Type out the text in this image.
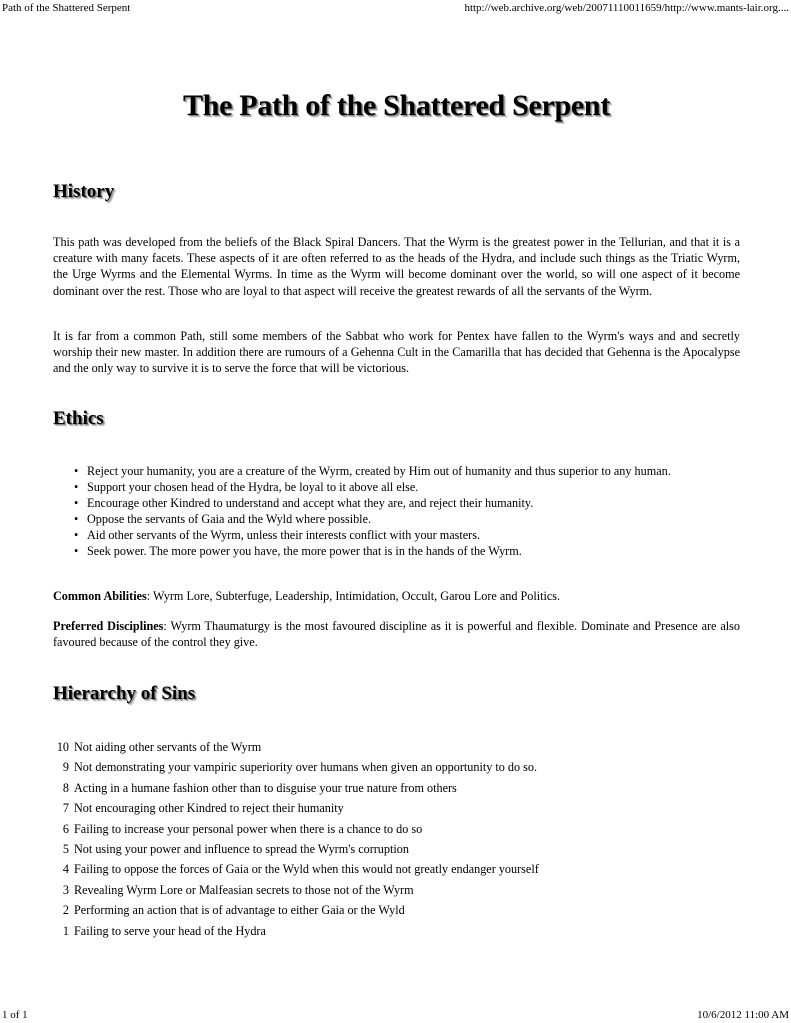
Path of the Shattered Serpent	http://web.archive.org/web/20071110011659/http://www.mants-lair.org....
The Path of the Shattered Serpent
History

This path was developed from the beliefs of the Black Spiral Dancers. That the Wyrm is the greatest power in the Tellurian, and that it is a creature with many facets. These aspects of it are often referred to as the heads of the Hydra, and include such things as the Triatic Wyrm, the Urge Wyrms and the Elemental Wyrms. In time as the Wyrm will become dominant over the world, so will one aspect of it become dominant over the rest. Those who are loyal to that aspect will receive the greatest rewards of all the servants of the Wyrm.

It is far from a common Path, still some members of the Sabbat who work for Pentex have fallen to the Wyrm's ways and and secretly worship their new master. In addition there are rumours of a Gehenna Cult in the Camarilla that has decided that Gehenna is the Apocalypse and the only way to survive it is to serve the force that will be victorious.

Ethics
• Reject your humanity, you are a creature of the Wyrm, created by Him out of humanity and thus superior to any human.
• Support your chosen head of the Hydra, be loyal to it above all else.
• Encourage other Kindred to understand and accept what they are, and reject their humanity.
• Oppose the servants of Gaia and the Wyld where possible.
• Aid other servants of the Wyrm, unless their interests conflict with your masters.
• Seek power. The more power you have, the more power that is in the hands of the Wyrm.

Common Abilities: Wyrm Lore, Subterfuge, Leadership, Intimidation, Occult, Garou Lore and Politics.

Preferred Disciplines: Wyrm Thaumaturgy is the most favoured discipline as it is powerful and flexible. Dominate and Presence are also favoured because of the control they give.

Hierarchy of Sins
10 Not aiding other servants of the Wyrm
9 Not demonstrating your vampiric superiority over humans when given an opportunity to do so.
8 Acting in a humane fashion other than to disguise your true nature from others
7 Not encouraging other Kindred to reject their humanity
6 Failing to increase your personal power when there is a chance to do so
5 Not using your power and influence to spread the Wyrm's corruption
4 Failing to oppose the forces of Gaia or the Wyld when this would not greatly endanger yourself
3 Revealing Wyrm Lore or Malfeasian secrets to those not of the Wyrm
2 Performing an action that is of advantage to either Gaia or the Wyld
1 Failing to serve your head of the Hydra
1 of 1	10/6/2012 11:00 AM
